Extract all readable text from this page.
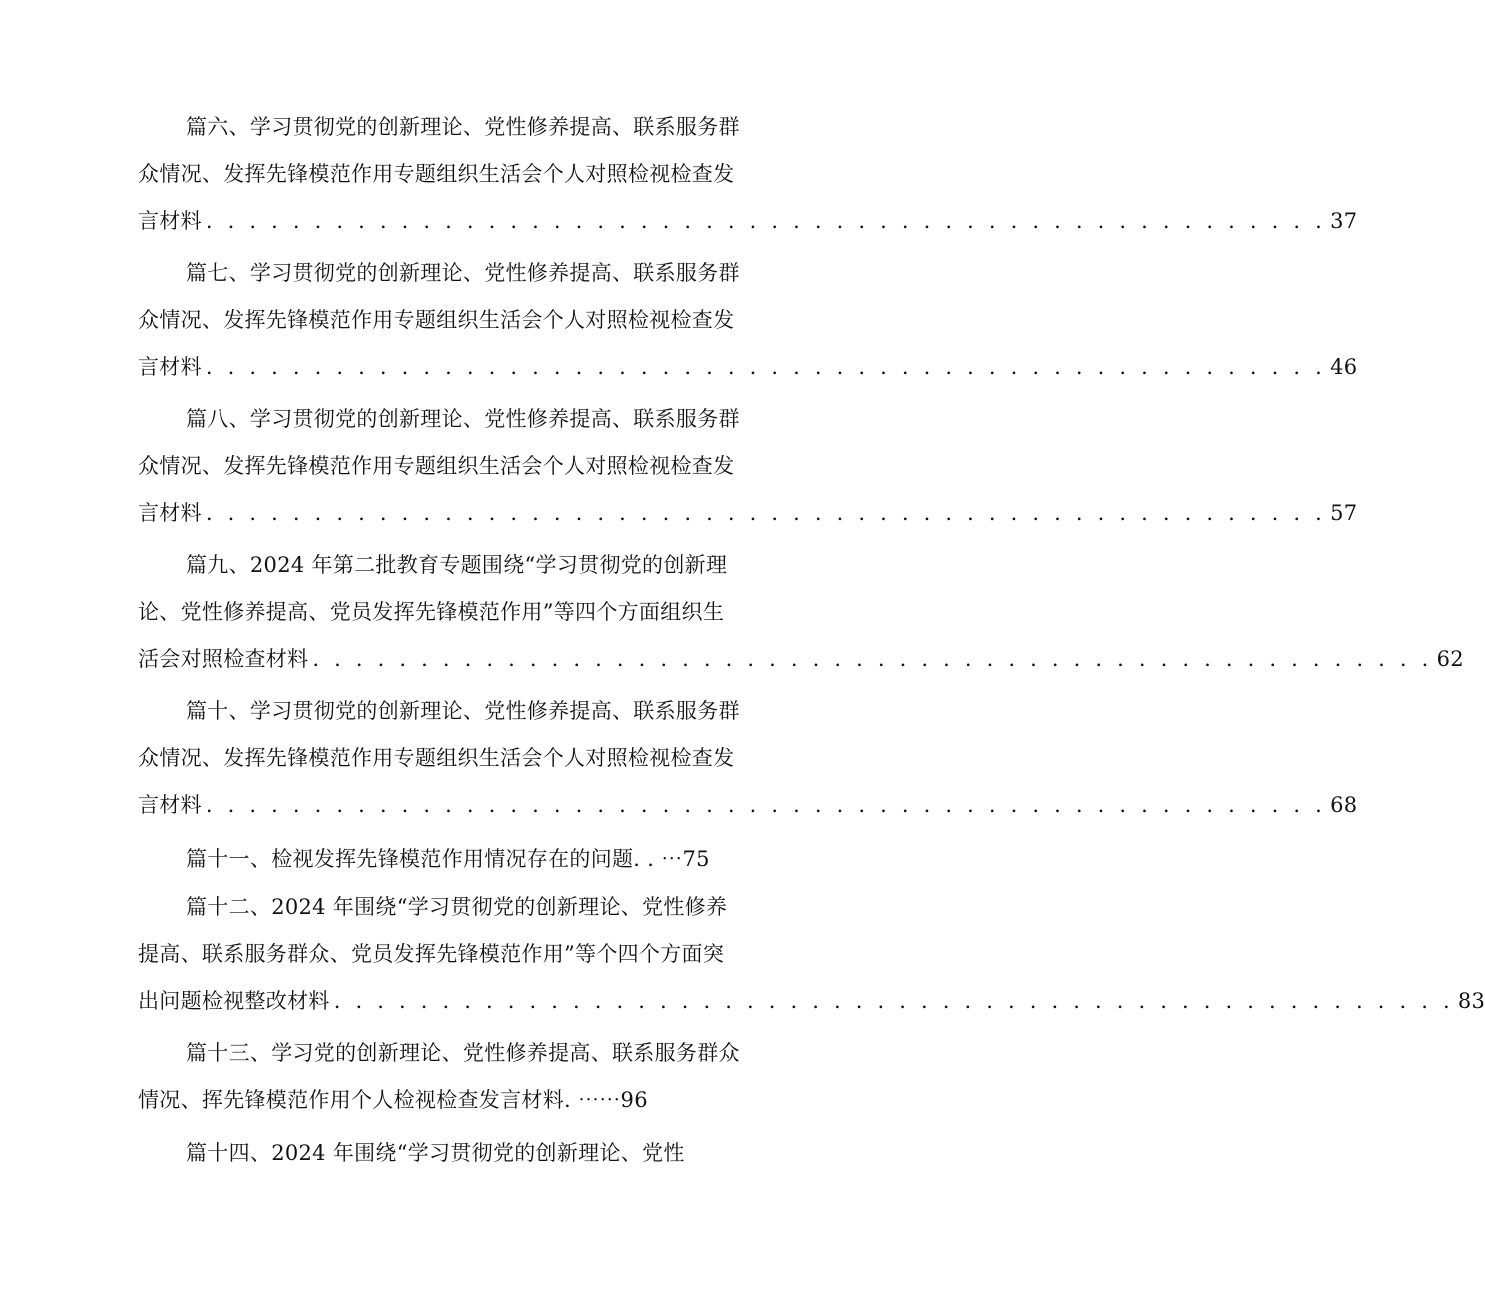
篇六、学习贯彻党的创新理论、党性修养提高、联系服务群
众情况、发挥先锋模范作用专题组织生活会个人对照检视检查发
言材料 . . . . . . . . . . . . . . . . . . . . . . . . . . . . . . . . . . . . . . . . . . . . . . . . . . . . 37
篇七、学习贯彻党的创新理论、党性修养提高、联系服务群
众情况、发挥先锋模范作用专题组织生活会个人对照检视检查发
言材料 . . . . . . . . . . . . . . . . . . . . . . . . . . . . . . . . . . . . . . . . . . . . . . . . . . . . 46
篇八、学习贯彻党的创新理论、党性修养提高、联系服务群
众情况、发挥先锋模范作用专题组织生活会个人对照检视检查发
言材料 . . . . . . . . . . . . . . . . . . . . . . . . . . . . . . . . . . . . . . . . . . . . . . . . . . . . 57
篇九、2024 年第二批教育专题围绕“学习贯彻党的创新理
论、党性修养提高、党员发挥先锋模范作用”等四个方面组织生
活会对照检查材料 . . . . . . . . . . . . . . . . . . . . . . . . . . . . . . . . . . . . . . . . . . . . . . . . . . . . 62
篇十、学习贯彻党的创新理论、党性修养提高、联系服务群
众情况、发挥先锋模范作用专题组织生活会个人对照检视检查发
言材料 . . . . . . . . . . . . . . . . . . . . . . . . . . . . . . . . . . . . . . . . . . . . . . . . . . . . 68
篇十一、检视发挥先锋模范作用情况存在的问题. . ⋯75
篇十二、2024 年围绕“学习贯彻党的创新理论、党性修养
提高、联系服务群众、党员发挥先锋模范作用”等个四个方面突
出问题检视整改材料 . . . . . . . . . . . . . . . . . . . . . . . . . . . . . . . . . . . . . . . . . . . . . . . . . . . . 83
篇十三、学习党的创新理论、党性修养提高、联系服务群众
情况、挥先锋模范作用个人检视检查发言材料. ⋯⋯96
篇十四、2024 年围绕“学习贯彻党的创新理论、党性
